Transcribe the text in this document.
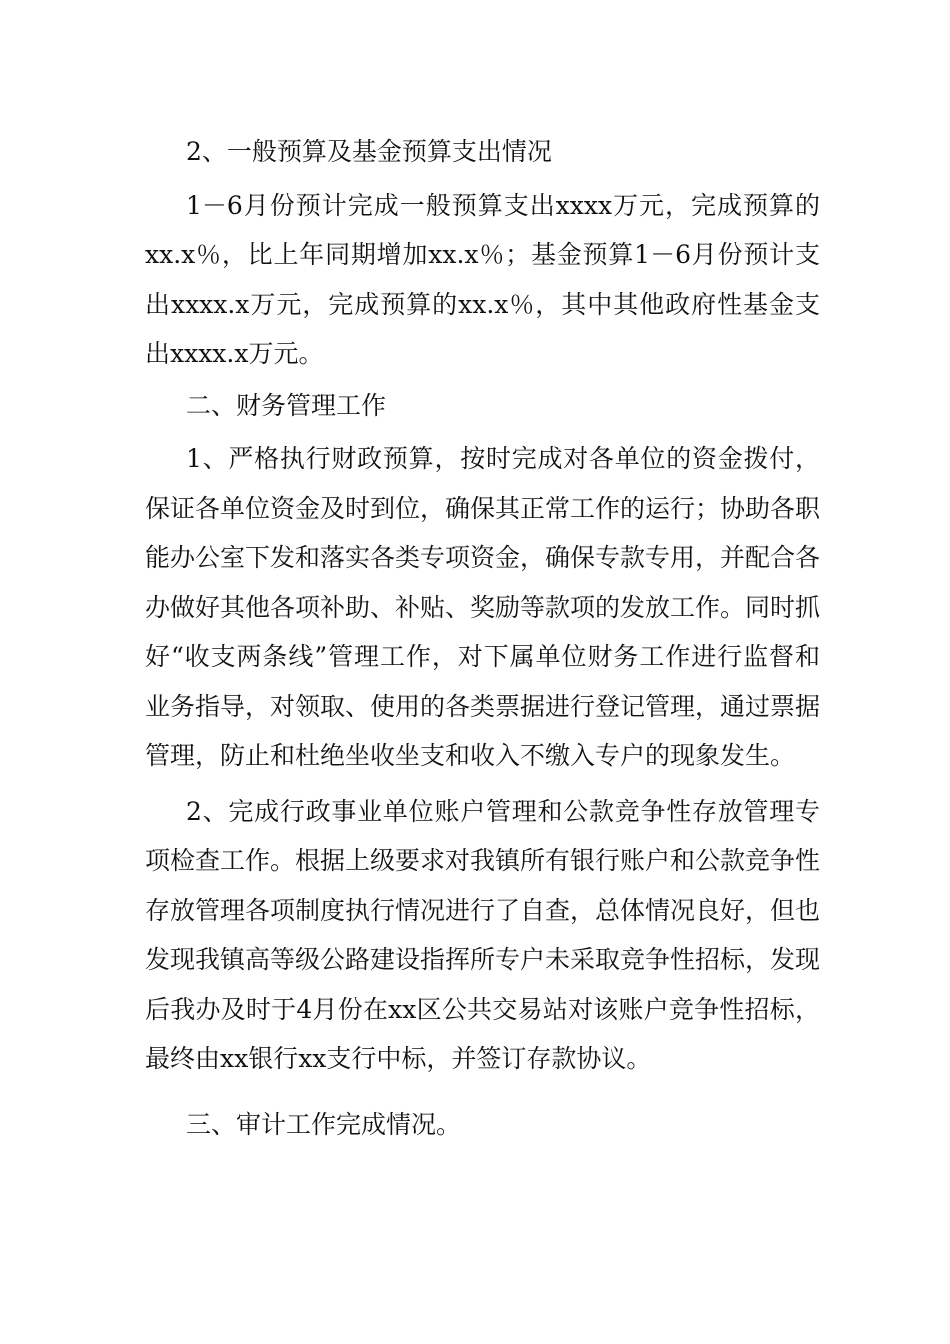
2、一般预算及基金预算支出情况

1－6月份预计完成一般预算支出xxxx万元，完成预算的xx.x％，比上年同期增加xx.x％；基金预算1－6月份预计支出xxxx.x万元，完成预算的xx.x％，其中其他政府性基金支出xxxx.x万元。

二、财务管理工作

1、严格执行财政预算，按时完成对各单位的资金拨付，保证各单位资金及时到位，确保其正常工作的运行；协助各职能办公室下发和落实各类专项资金，确保专款专用，并配合各办做好其他各项补助、补贴、奖励等款项的发放工作。同时抓好“收支两条线”管理工作，对下属单位财务工作进行监督和业务指导，对领取、使用的各类票据进行登记管理，通过票据管理，防止和杜绝坐收坐支和收入不缴入专户的现象发生。

2、完成行政事业单位账户管理和公款竞争性存放管理专项检查工作。根据上级要求对我镇所有银行账户和公款竞争性存放管理各项制度执行情况进行了自查，总体情况良好，但也发现我镇高等级公路建设指挥所专户未采取竞争性招标，发现后我办及时于4月份在xx区公共交易站对该账户竞争性招标，最终由xx银行xx支行中标，并签订存款协议。

三、审计工作完成情况。
